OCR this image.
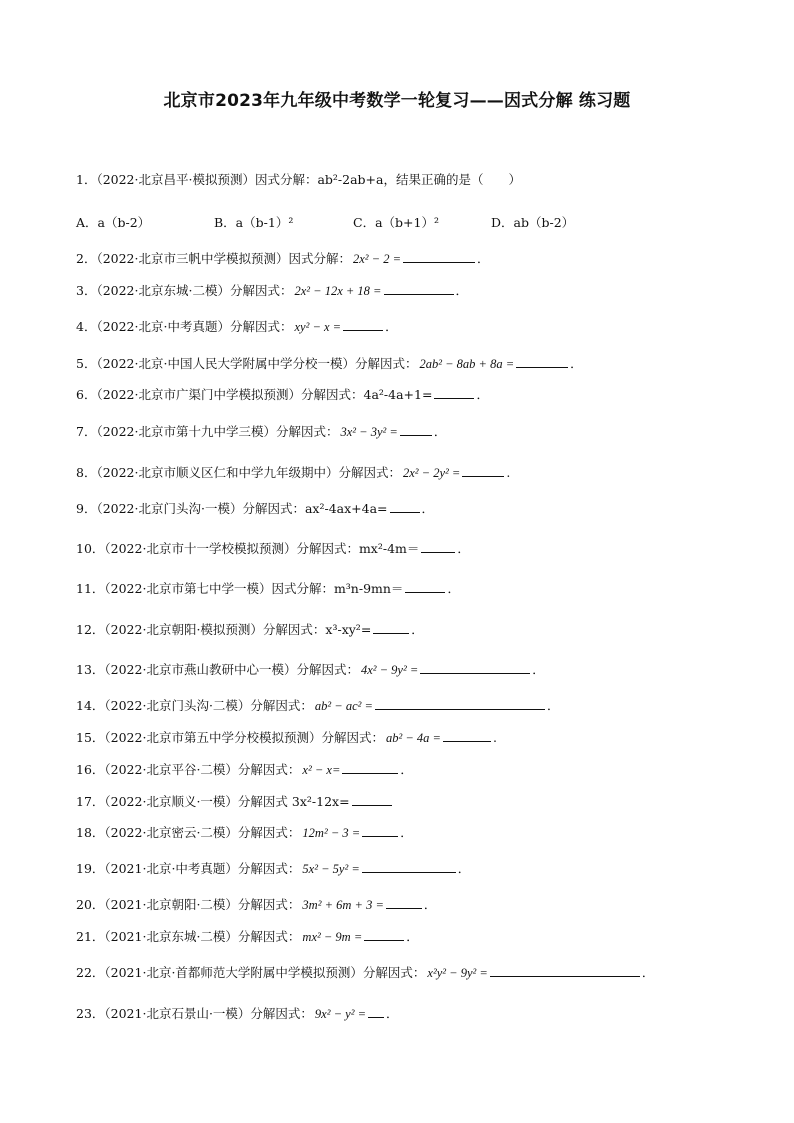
北京市2023年九年级中考数学一轮复习——因式分解 练习题
1．（2022·北京昌平·模拟预测）因式分解：ab²-2ab+a，结果正确的是（　　）
A．a（b-2）	B．a（b-1）²	C．a（b+1）²	D．ab（b-2）
2．（2022·北京市三帆中学模拟预测）因式分解： 2x² − 2 =	．
3．（2022·北京东城·二模）分解因式： 2x² − 12x + 18 =	．
4．（2022·北京·中考真题）分解因式： xy² − x =	．
5．（2022·北京·中国人民大学附属中学分校一模）分解因式： 2ab² − 8ab + 8a =	．
6．（2022·北京市广渠门中学模拟预测）分解因式：4a²-4a+1=	．
7．（2022·北京市第十九中学三模）分解因式： 3x² − 3y² =	．
8．（2022·北京市顺义区仁和中学九年级期中）分解因式： 2x² − 2y² =	.
9．（2022·北京门头沟·一模）分解因式：ax²-4ax+4a=	．
10．（2022·北京市十一学校模拟预测）分解因式：mx²-4m＝	．
11．（2022·北京市第七中学一模）因式分解：m³n-9mn＝	．
12．（2022·北京朝阳·模拟预测）分解因式：x³-xy²=	．
13．（2022·北京市燕山教研中心一模）分解因式： 4x² − 9y² =	．
14．（2022·北京门头沟·二模）分解因式： ab² − ac² =	．
15．（2022·北京市第五中学分校模拟预测）分解因式： ab² − 4a =	.
16．（2022·北京平谷·二模）分解因式： x² − x=	．
17．（2022·北京顺义·一模）分解因式 3x²-12x=
18．（2022·北京密云·二模）分解因式： 12m² − 3 =	．
19．（2021·北京·中考真题）分解因式： 5x² − 5y² =	．
20．（2021·北京朝阳·二模）分解因式： 3m² + 6m + 3 =	．
21．（2021·北京东城·二模）分解因式： mx² − 9m =	．
22．（2021·北京·首都师范大学附属中学模拟预测）分解因式： x²y² − 9y² =	．
23．（2021·北京石景山·一模）分解因式： 9x² − y² = ．
